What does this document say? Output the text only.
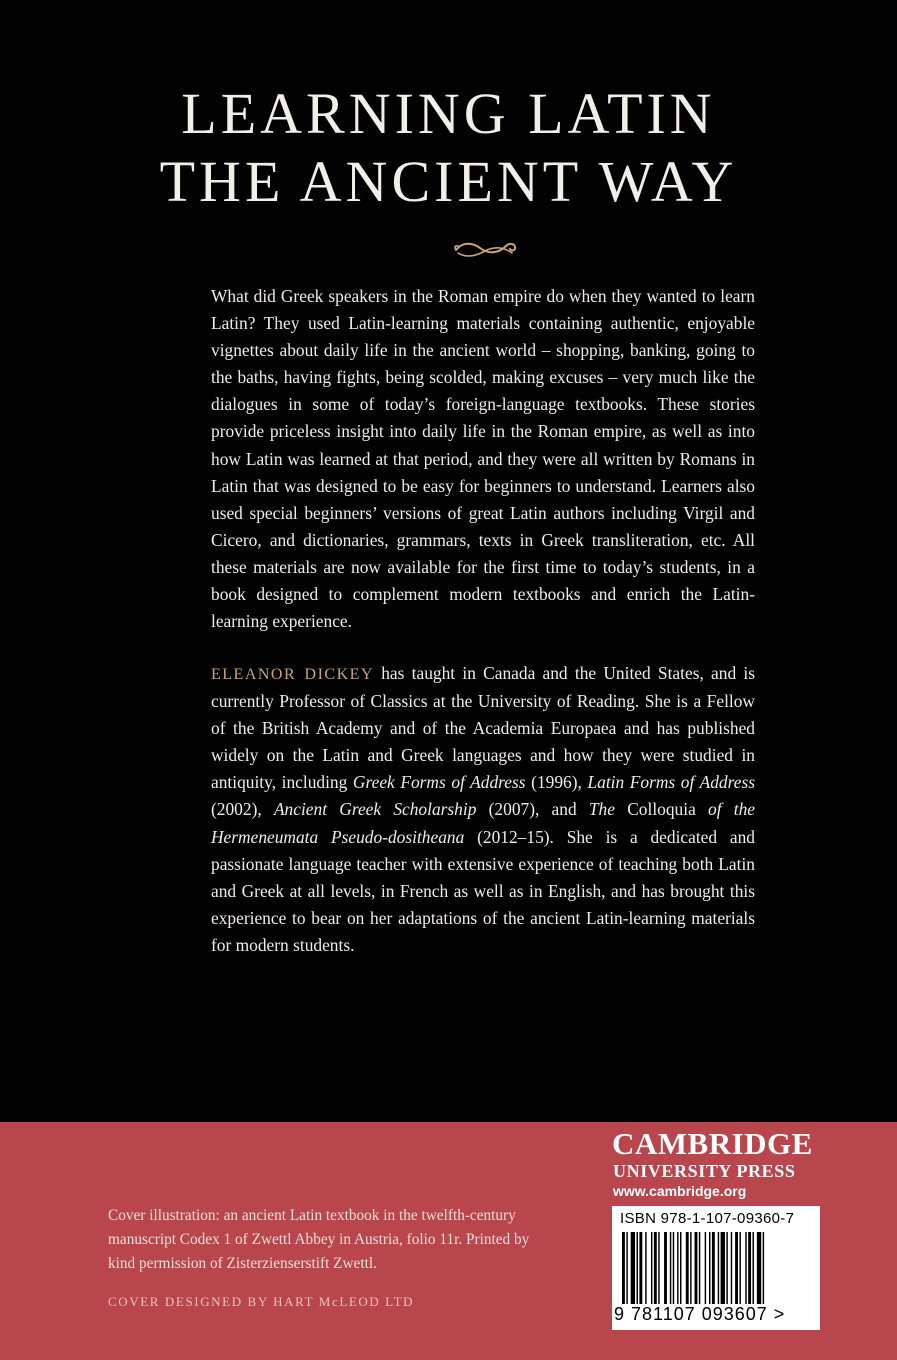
LEARNING LATIN
THE ANCIENT WAY

What did Greek speakers in the Roman empire do when they wanted to learn Latin? They used Latin-learning materials containing authentic, enjoyable vignettes about daily life in the ancient world – shopping, banking, going to the baths, having fights, being scolded, making excuses – very much like the dialogues in some of today’s foreign-language textbooks. These stories provide priceless insight into daily life in the Roman empire, as well as into how Latin was learned at that period, and they were all written by Romans in Latin that was designed to be easy for beginners to understand. Learners also used special beginners’ versions of great Latin authors including Virgil and Cicero, and dictionaries, grammars, texts in Greek transliteration, etc. All these materials are now available for the first time to today’s students, in a book designed to complement modern textbooks and enrich the Latin-learning experience.

ELEANOR DICKEY has taught in Canada and the United States, and is currently Professor of Classics at the University of Reading. She is a Fellow of the British Academy and of the Academia Europaea and has published widely on the Latin and Greek languages and how they were studied in antiquity, including Greek Forms of Address (1996), Latin Forms of Address (2002), Ancient Greek Scholarship (2007), and The Colloquia of the Hermeneumata Pseudo-dositheana (2012–15). She is a dedicated and passionate language teacher with extensive experience of teaching both Latin and Greek at all levels, in French as well as in English, and has brought this experience to bear on her adaptations of the ancient Latin-learning materials for modern students.

Cover illustration: an ancient Latin textbook in the twelfth-century manuscript Codex 1 of Zwettl Abbey in Austria, folio 11r. Printed by kind permission of Zisterzienserstift Zwettl.

COVER DESIGNED BY HART McLEOD LTD
CAMBRIDGE
UNIVERSITY PRESS
www.cambridge.org
ISBN 978-1-107-09360-7
9 781107 093607 >
